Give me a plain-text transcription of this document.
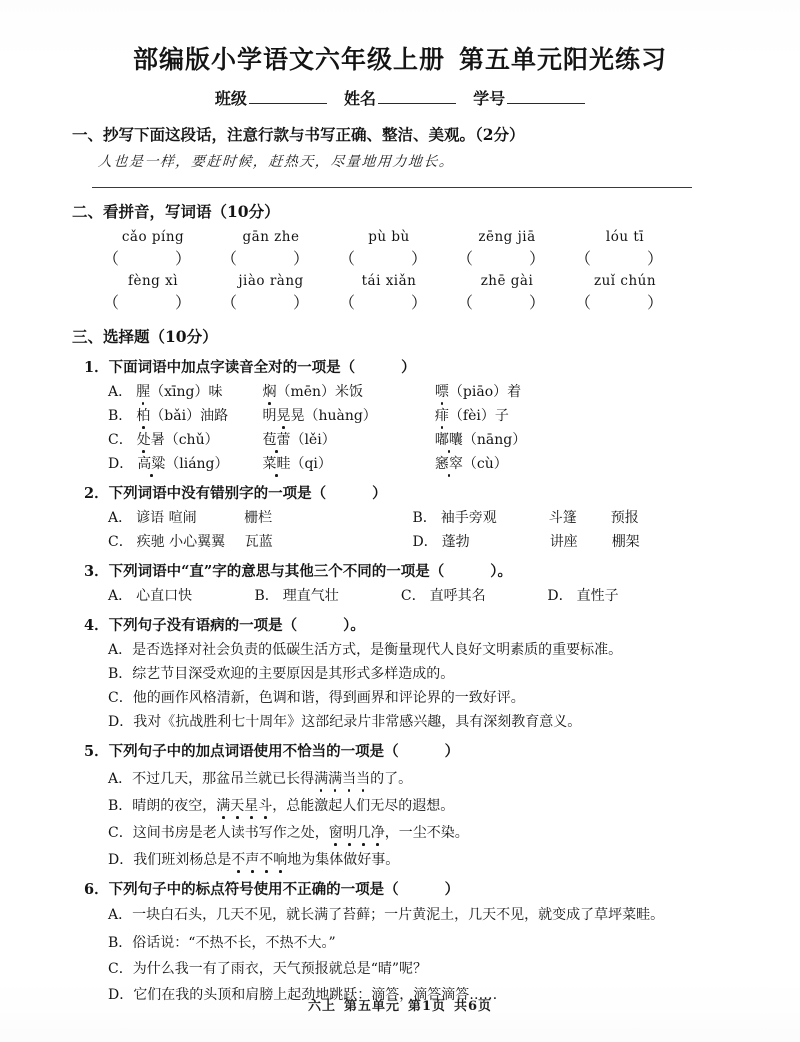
部编版小学语文六年级上册 第五单元阳光练习
班级	姓名	学号
一、抄写下面这段话，注意行款与书写正确、整洁、美观。（2分）
人也是一样，要赶时候，赶热天，尽量地用力地长。
二、看拼音，写词语（10分）
cǎo píng	gān zhe	pù bù	zēng jiā	lóu tī
（	）	（	）	（	）	（	）	（	）
fèng xì	jiào ràng	tái xiǎn	zhē gài	zuǐ chún
（	）	（	）	（	）	（	）	（	）
三、选择题（10分）
1．下面词语中加点字读音全对的一项是（	）
A． 腥（xīng）味	焖（mēn）米饭	嘌（piāo）着
B． 柏（bǎi）油路 明晃晃（huàng）	痱（fèi）子
C． 处暑（chǔ）	苞蕾（lěi）	嘟囔（nāng）
D． 高粱（liáng） 菜畦（qi）	窸窣（cù）
2．下列词语中没有错别字的一项是（	）
A． 谚语 喧闹	栅栏	B． 袖手旁观	斗篷 预报
C． 疾驰 小心翼翼 瓦蓝	D． 蓬勃	讲座 棚架
3．下列词语中“直”字的意思与其他三个不同的一项是（	）。
A． 心直口快	B． 理直气壮	C． 直呼其名	D． 直性子
4．下列句子没有语病的一项是（	）。
A．是否选择对社会负责的低碳生活方式，是衡量现代人良好文明素质的重要标准。
B．综艺节目深受欢迎的主要原因是其形式多样造成的。
C．他的画作风格清新，色调和谐，得到画界和评论界的一致好评。
D．我对《抗战胜利七十周年》这部纪录片非常感兴趣，具有深刻教育意义。
5．下列句子中的加点词语使用不恰当的一项是（	）
A．不过几天，那盆吊兰就已长得满满当当的了。
B．晴朗的夜空，满天星斗，总能激起人们无尽的遐想。
C．这间书房是老人读书写作之处，窗明几净，一尘不染。
D．我们班刘杨总是不声不响地为集体做好事。
6．下列句子中的标点符号使用不正确的一项是（	）
A．一块白石头，几天不见，就长满了苔藓；一片黄泥土，几天不见，就变成了草坪菜畦。
B．俗话说：“不热不长，不热不大。”
C．为什么我一有了雨衣，天气预报就总是“晴”呢？
D．它们在我的头顶和肩膀上起劲地跳跃：滴答，滴答滴答……
六上 第五单元 第1页 共6页
